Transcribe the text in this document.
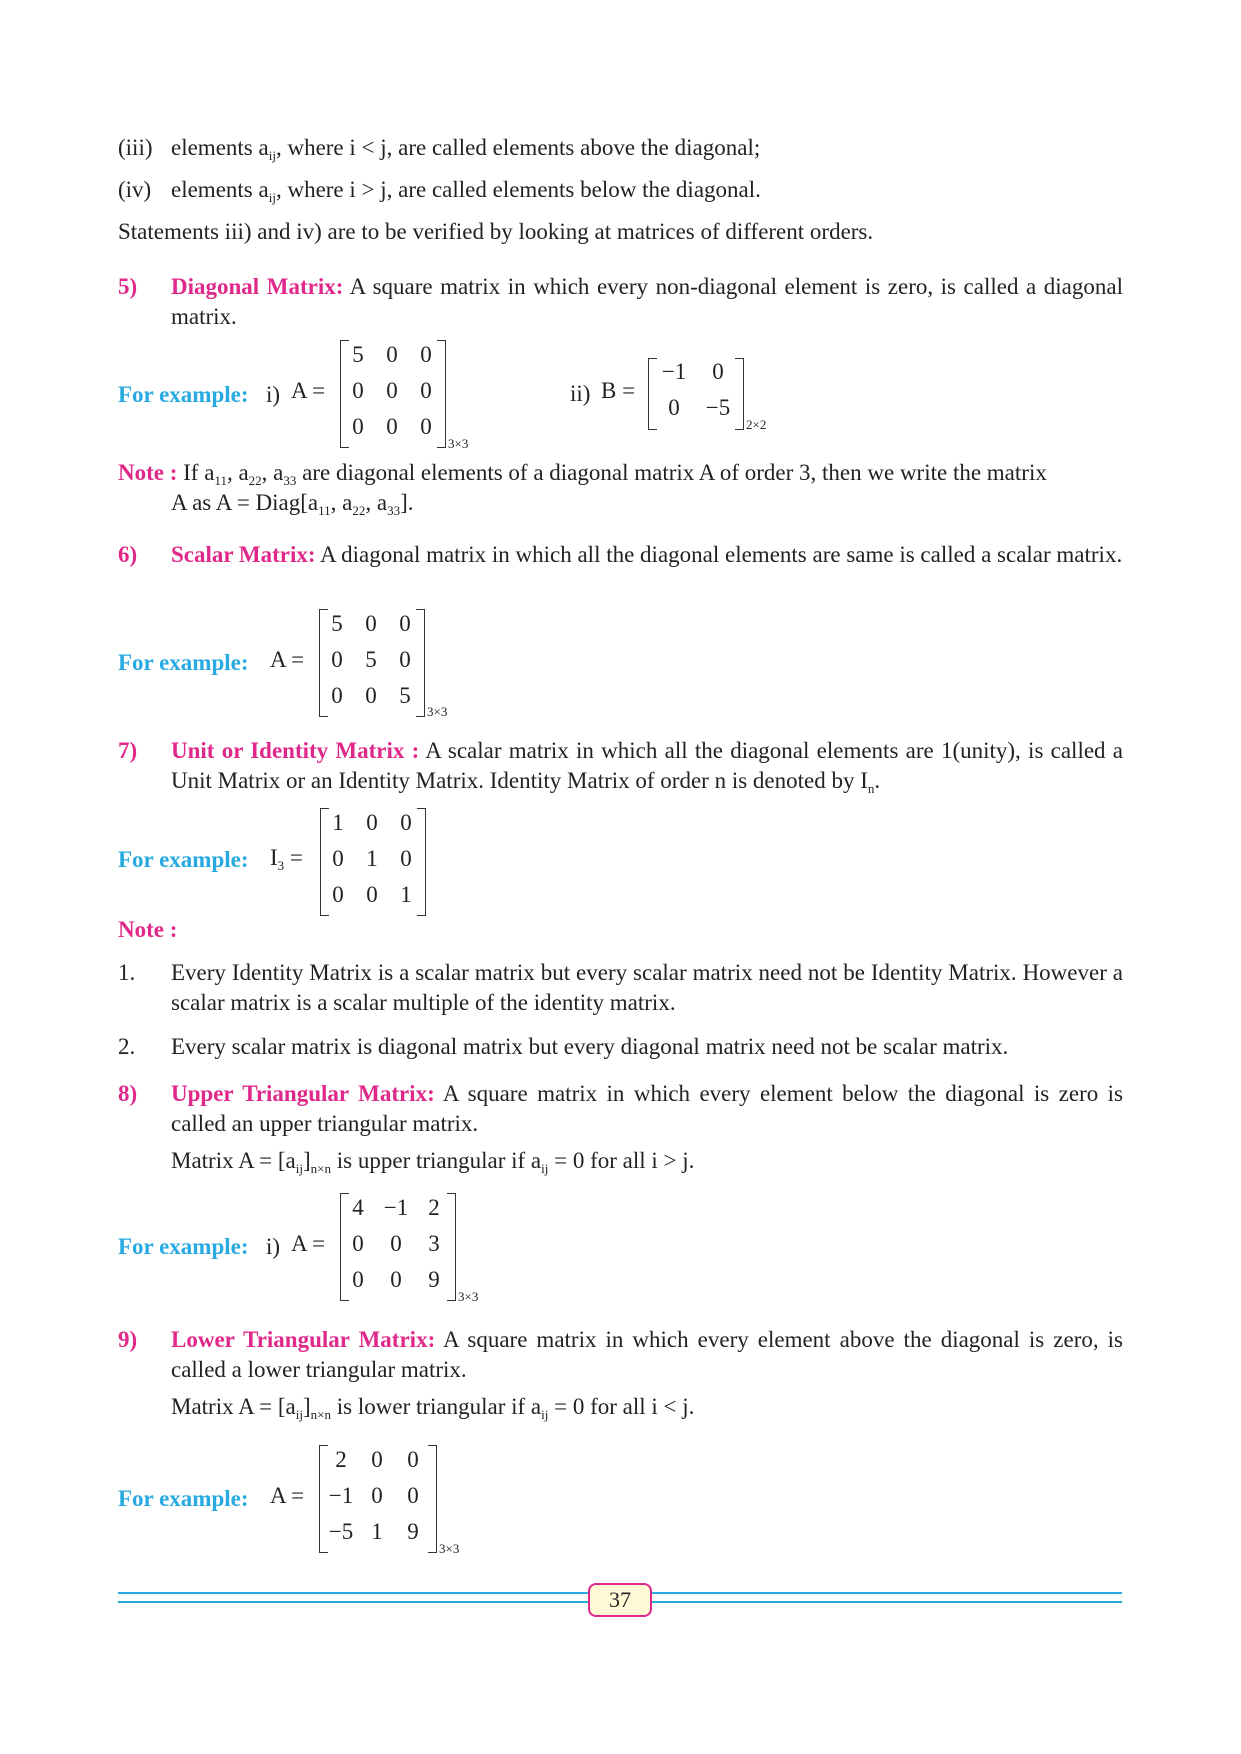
(iii) elements $a_{ij}$, where i < j, are called elements above the diagonal;
(iv) elements $a_{ij}$, where i > j, are called elements below the diagonal.
Statements iii) and iv) are to be verified by looking at matrices of different orders.
5) Diagonal Matrix: A square matrix in which every non-diagonal element is zero, is called a diagonal matrix.
For example: i) A =
5 0 0
0 0 0
0 0 0
3×3
ii) B =
−1	0
0	−5
2×2
Note : If $a_{11}$, $a_{22}$, $a_{33}$ are diagonal elements of a diagonal matrix A of order 3, then we write the matrix
A as $A = Diag[a_{11}$, $a_{22}$, $a_{33}$].
6) Scalar Matrix: A diagonal matrix in which all the diagonal elements are same is called a scalar matrix.
For example: A =
5 0 0
0 5 0
0 0 5
3×3
7) Unit or Identity Matrix : A scalar matrix in which all the diagonal elements are 1(unity), is called a Unit Matrix or an Identity Matrix. Identity Matrix of order n is denoted by $I_n$.
For example: $I_3$ =
1 0 0
0 1 0
0 0 1
Note :
1. Every Identity Matrix is a scalar matrix but every scalar matrix need not be Identity Matrix. However a scalar matrix is a scalar multiple of the identity matrix.
2. Every scalar matrix is diagonal matrix but every diagonal matrix need not be scalar matrix.
8) Upper Triangular Matrix: A square matrix in which every element below the diagonal is zero is called an upper triangular matrix.
Matrix $A = [a_{ij}]_{n\times n}$ is upper triangular if $a_{ij} = 0$ for all i > j.
For example: i) A =
4 −1 2
0	0	3
0	0	9
3×3
9) Lower Triangular Matrix: A square matrix in which every element above the diagonal is zero, is called a lower triangular matrix.
Matrix $A = [a_{ij}]_{n\times n}$ is lower triangular if $a_{ij} = 0$ for all i < j.
For example: A =
2	0	0
−1 0	0
−5 1	9
3×3
37
